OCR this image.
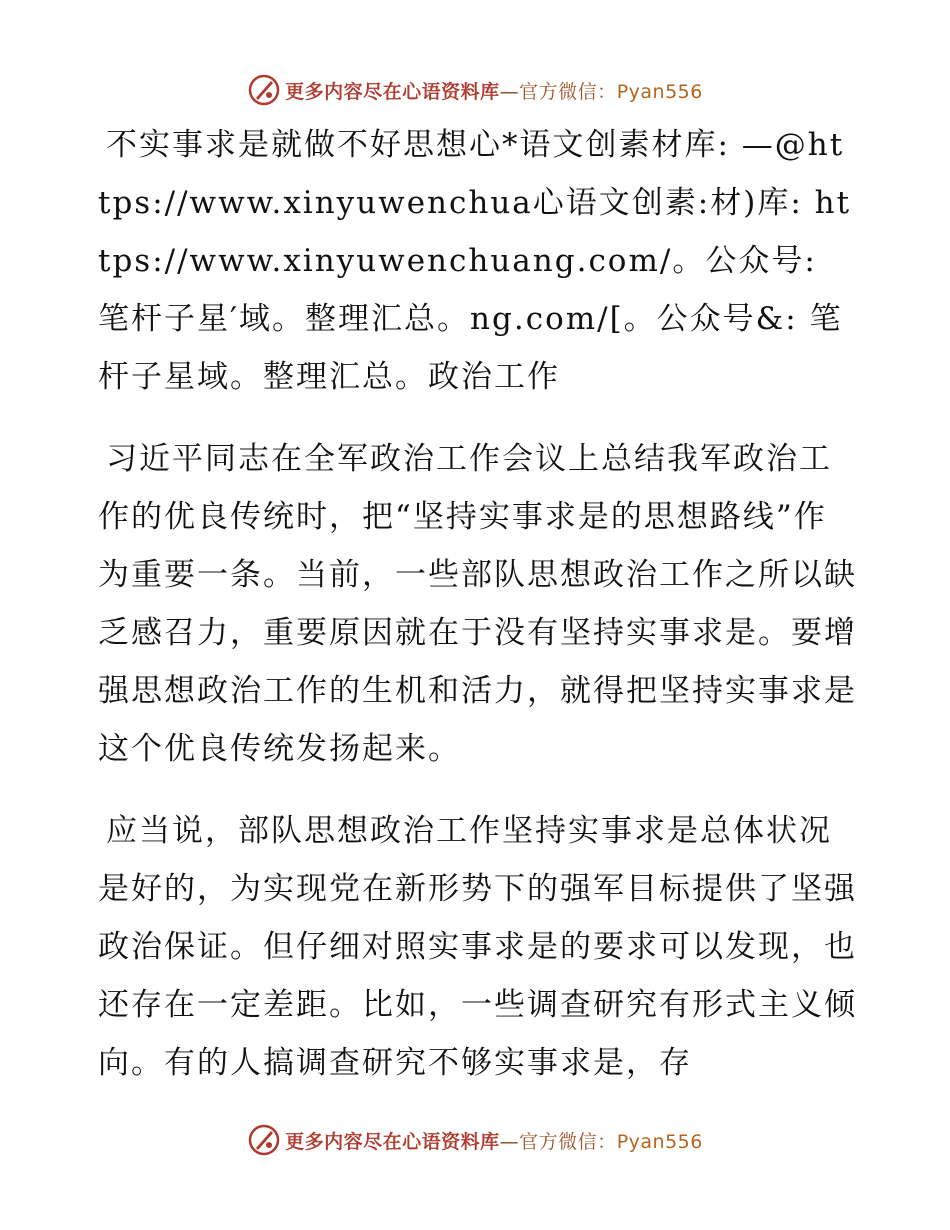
更多内容尽在心语资料库—官方微信：Pyan556

不实事求是就做不好思想心*语文创素材库: —@https://www.xinyuwenchua心语文创素:材)库: https://www.xinyuwenchuang.com/。公众号: 笔杆子星′域。整理汇总。ng.com/[。公众号&: 笔杆子星域。整理汇总。政治工作

习近平同志在全军政治工作会议上总结我军政治工作的优良传统时，把“坚持实事求是的思想路线”作为重要一条。当前，一些部队思想政治工作之所以缺乏感召力，重要原因就在于没有坚持实事求是。要增强思想政治工作的生机和活力，就得把坚持实事求是这个优良传统发扬起来。

应当说，部队思想政治工作坚持实事求是总体状况是好的，为实现党在新形势下的强军目标提供了坚强政治保证。但仔细对照实事求是的要求可以发现，也还存在一定差距。比如，一些调查研究有形式主义倾向。有的人搞调查研究不够实事求是，存

更多内容尽在心语资料库—官方微信：Pyan556
